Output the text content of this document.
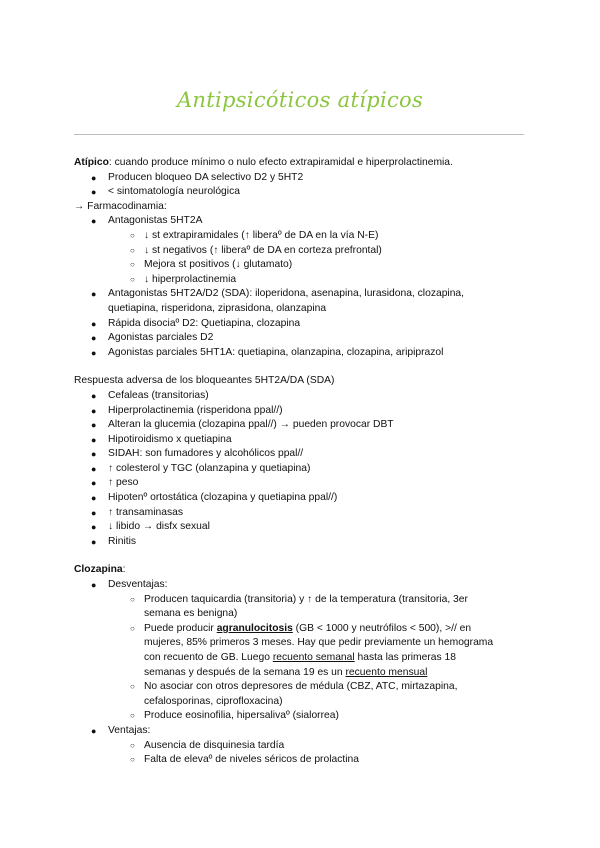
Antipsicóticos atípicos
Atípico: cuando produce mínimo o nulo efecto extrapiramidal e hiperprolactinemia.
● Producen bloqueo DA selectivo D2 y 5HT2
● < sintomatología neurológica
→ Farmacodinamia:
● Antagonistas 5HT2A
○ ↓ st extrapiramidales (↑ liberaº de DA en la vía N-E)
○ ↓ st negativos (↑ liberaº de DA en corteza prefrontal)
○ Mejora st positivos (↓ glutamato)
○ ↓ hiperprolactinemia
● Antagonistas 5HT2A/D2 (SDA): iloperidona, asenapina, lurasidona, clozapina,
quetiapina, risperidona, ziprasidona, olanzapina
● Rápida disociaº D2: Quetiapina, clozapina
● Agonistas parciales D2
● Agonistas parciales 5HT1A: quetiapina, olanzapina, clozapina, aripiprazol
Respuesta adversa de los bloqueantes 5HT2A/DA (SDA)
● Cefaleas (transitorias)
● Hiperprolactinemia (risperidona ppal//)
● Alteran la glucemia (clozapina ppal//) → pueden provocar DBT
● Hipotiroidismo x quetiapina
● SIDAH: son fumadores y alcohólicos ppal//
● ↑ colesterol y TGC (olanzapina y quetiapina)
● ↑ peso
● Hipotenº ortostática (clozapina y quetiapina ppal//)
● ↑ transaminasas
● ↓ libido → disfx sexual
● Rinitis
Clozapina:
● Desventajas:
○ Producen taquicardia (transitoria) y ↑ de la temperatura (transitoria, 3er
semana es benigna)
○ Puede producir agranulocitosis (GB < 1000 y neutrófilos < 500), >// en
mujeres, 85% primeros 3 meses. Hay que pedir previamente un hemograma
con recuento de GB. Luego recuento semanal hasta las primeras 18
semanas y después de la semana 19 es un recuento mensual
○ No asociar con otros depresores de médula (CBZ, ATC, mirtazapina,
cefalosporinas, ciprofloxacina)
○ Produce eosinofilia, hipersalivaº (sialorrea)
● Ventajas:
○ Ausencia de disquinesia tardía
○ Falta de elevaº de niveles séricos de prolactina
